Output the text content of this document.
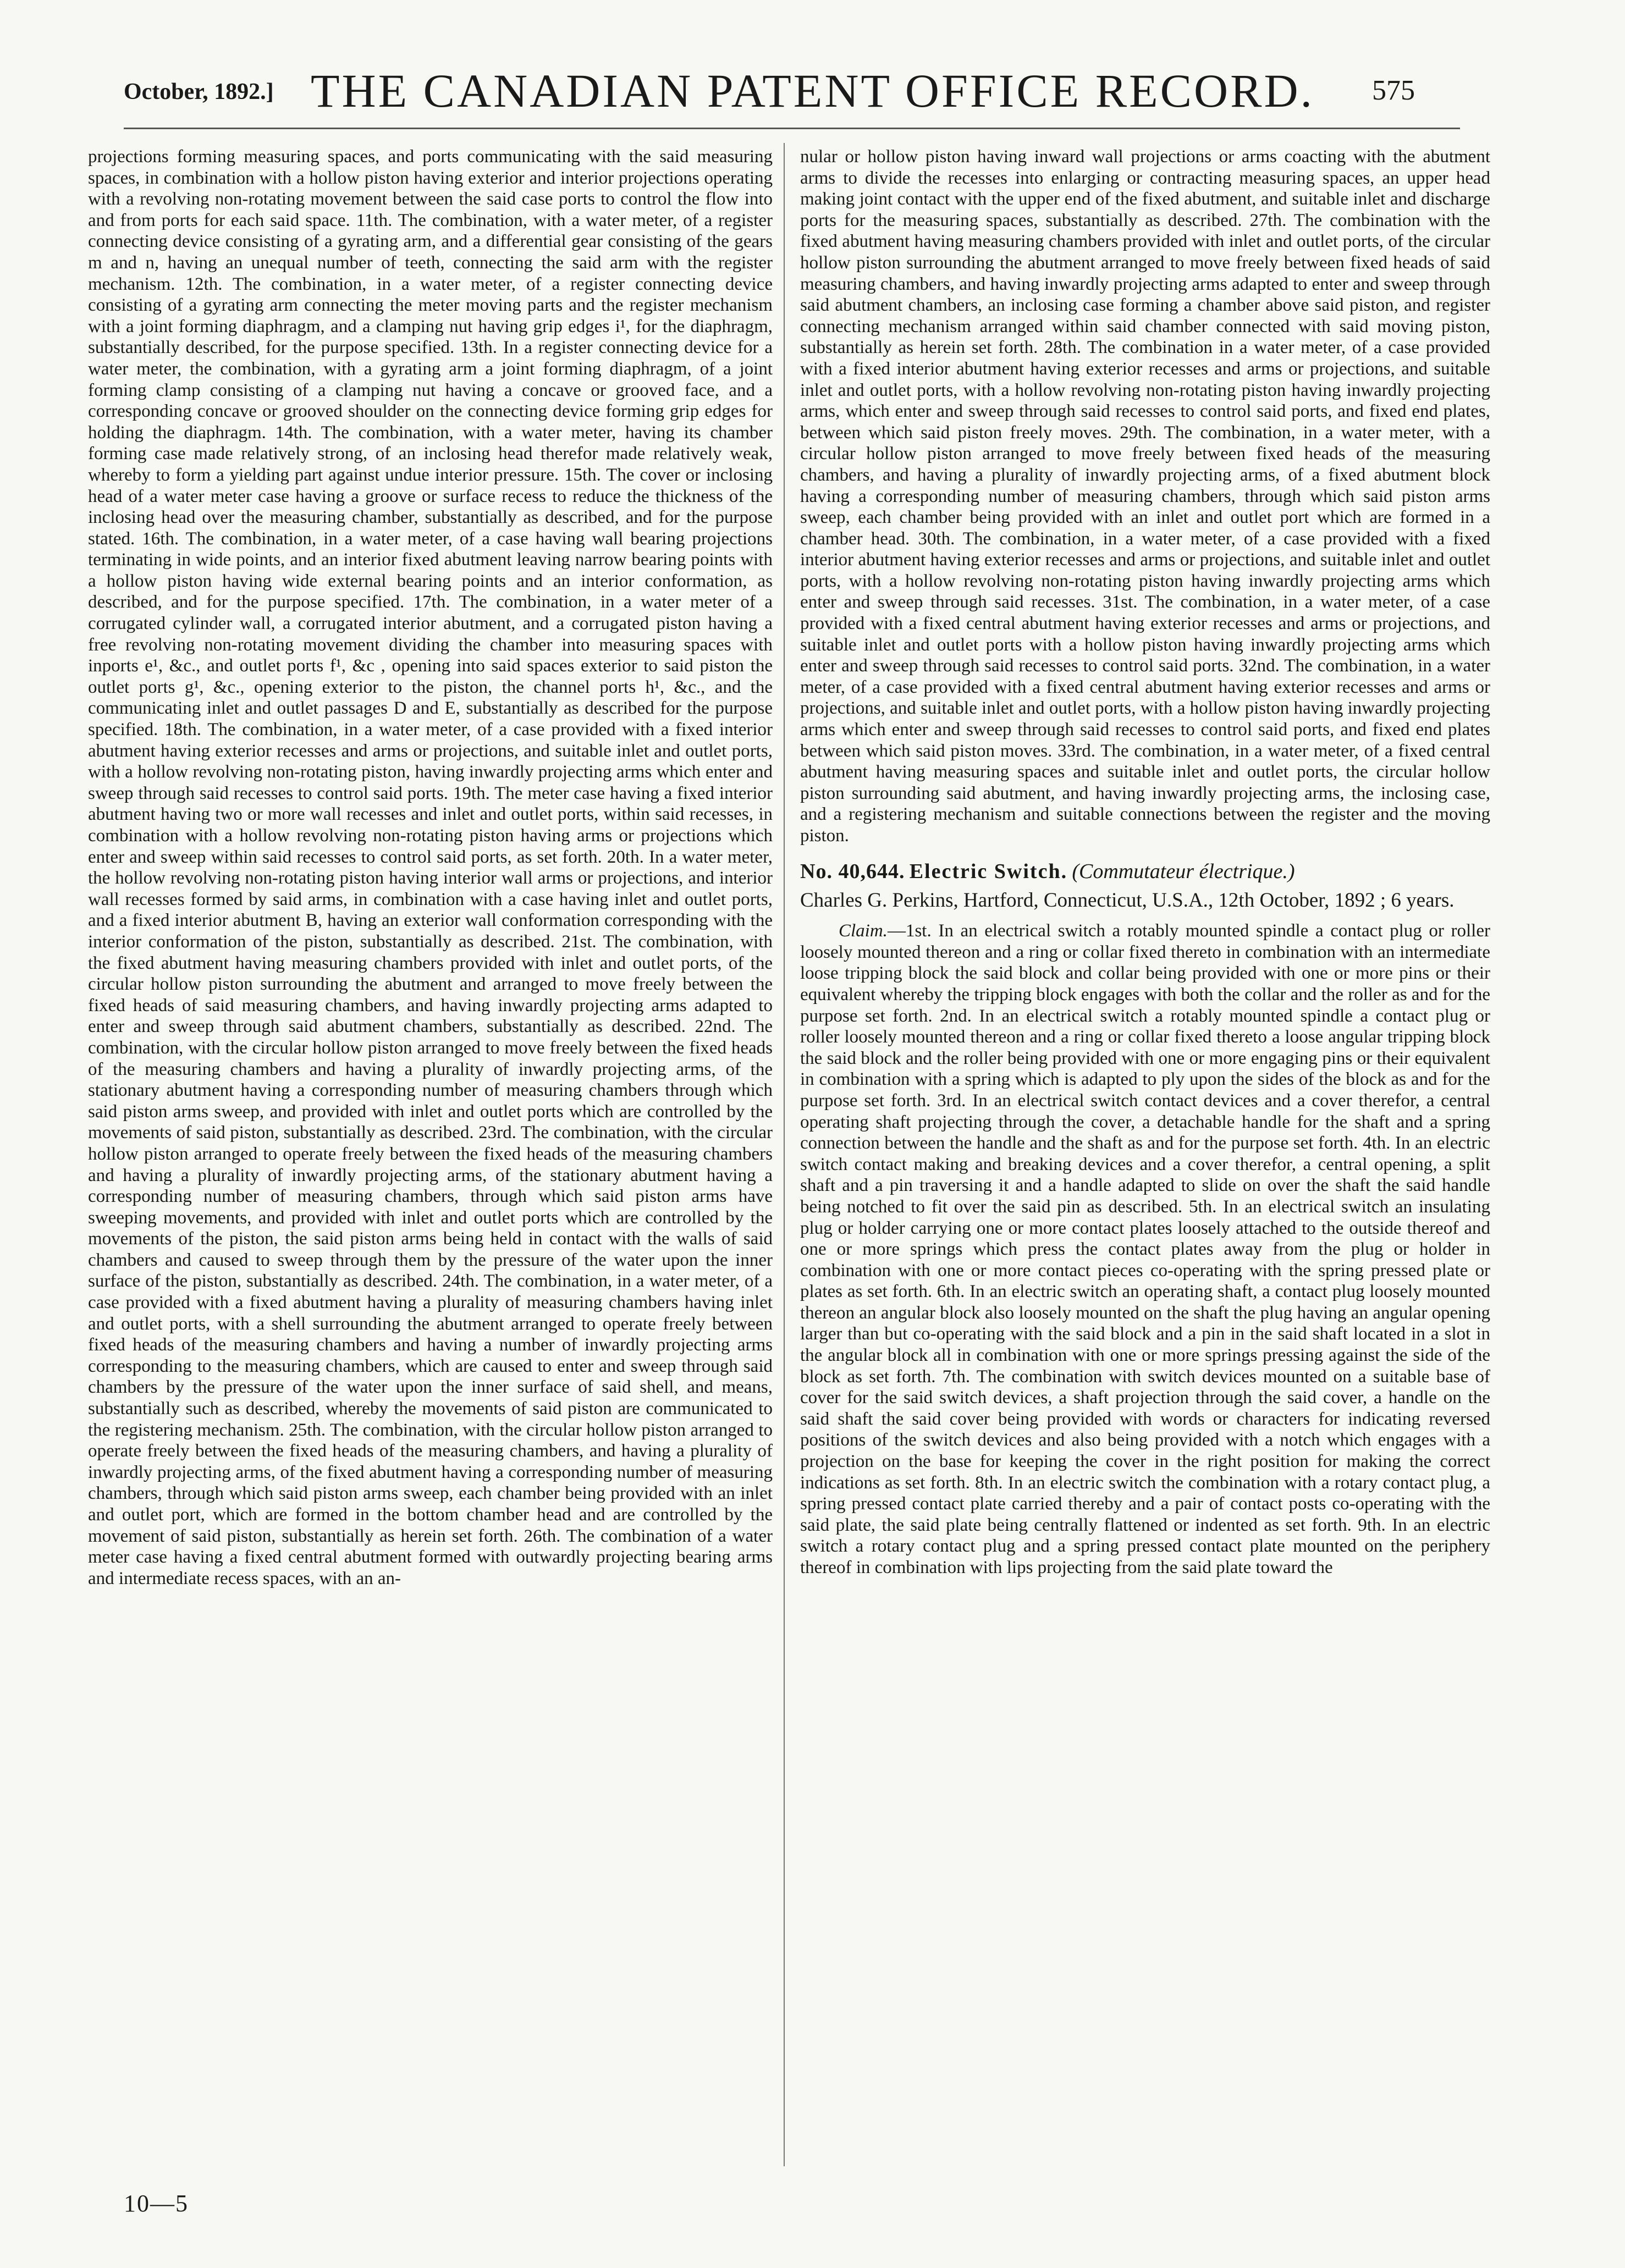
October, 1892.] THE CANADIAN PATENT OFFICE RECORD.	575

projections forming measuring spaces, and ports communicating with the said measuring spaces, in combination with a hollow piston having exterior and interior projections operating with a revolving non-rotating movement between the said case ports to control the flow into and from ports for each said space. 11th. The combination, with a water meter, of a register connecting device consisting of a gyrating arm, and a differential gear consisting of the gears m and n, having an unequal number of teeth, connecting the said arm with the register mechanism. 12th. The combination, in a water meter, of a register connecting device consisting of a gyrating arm connecting the meter moving parts and the register mechanism with a joint forming diaphragm, and a clamping nut having grip edges i¹, for the diaphragm, substantially described, for the purpose specified. 13th. In a register connecting device for a water meter, the combination, with a gyrating arm a joint forming diaphragm, of a joint forming clamp consisting of a clamping nut having a concave or grooved face, and a corresponding concave or grooved shoulder on the connecting device forming grip edges for holding the diaphragm. 14th. The combination, with a water meter, having its chamber forming case made relatively strong, of an inclosing head therefor made relatively weak, whereby to form a yielding part against undue interior pressure. 15th. The cover or inclosing head of a water meter case having a groove or surface recess to reduce the thickness of the inclosing head over the measuring chamber, substantially as described, and for the purpose stated. 16th. The combination, in a water meter, of a case having wall bearing projections terminating in wide points, and an interior fixed abutment leaving narrow bearing points with a hollow piston having wide external bearing points and an interior conformation, as described, and for the purpose specified. 17th. The combination, in a water meter of a corrugated cylinder wall, a corrugated interior abutment, and a corrugated piston having a free revolving non-rotating movement dividing the chamber into measuring spaces with inports e¹, &c., and outlet ports f¹, &c , opening into said spaces exterior to said piston the outlet ports g¹, &c., opening exterior to the piston, the channel ports h¹, &c., and the communicating inlet and outlet passages D and E, substantially as described for the purpose specified. 18th. The combination, in a water meter, of a case provided with a fixed interior abutment having exterior recesses and arms or projections, and suitable inlet and outlet ports, with a hollow revolving non-rotating piston, having inwardly projecting arms which enter and sweep through said recesses to control said ports. 19th. The meter case having a fixed interior abutment having two or more wall recesses and inlet and outlet ports, within said recesses, in combination with a hollow revolving non-rotating piston having arms or projections which enter and sweep within said recesses to control said ports, as set forth. 20th. In a water meter, the hollow revolving non-rotating piston having interior wall arms or projections, and interior wall recesses formed by said arms, in combination with a case having inlet and outlet ports, and a fixed interior abutment B, having an exterior wall conformation corresponding with the interior conformation of the piston, substantially as described. 21st. The combination, with the fixed abutment having measuring chambers provided with inlet and outlet ports, of the circular hollow piston surrounding the abutment and arranged to move freely between the fixed heads of said measuring chambers, and having inwardly projecting arms adapted to enter and sweep through said abutment chambers, substantially as described. 22nd. The combination, with the circular hollow piston arranged to move freely between the fixed heads of the measuring chambers and having a plurality of inwardly projecting arms, of the stationary abutment having a corresponding number of measuring chambers through which said piston arms sweep, and provided with inlet and outlet ports which are controlled by the movements of said piston, substantially as described. 23rd. The combination, with the circular hollow piston arranged to operate freely between the fixed heads of the measuring chambers and having a plurality of inwardly projecting arms, of the stationary abutment having a corresponding number of measuring chambers, through which said piston arms have sweeping movements, and provided with inlet and outlet ports which are controlled by the movements of the piston, the said piston arms being held in contact with the walls of said chambers and caused to sweep through them by the pressure of the water upon the inner surface of the piston, substantially as described. 24th. The combination, in a water meter, of a case provided with a fixed abutment having a plurality of measuring chambers having inlet and outlet ports, with a shell surrounding the abutment arranged to operate freely between fixed heads of the measuring chambers and having a number of inwardly projecting arms corresponding to the measuring chambers, which are caused to enter and sweep through said chambers by the pressure of the water upon the inner surface of said shell, and means, substantially such as described, whereby the movements of said piston are communicated to the registering mechanism. 25th. The combination, with the circular hollow piston arranged to operate freely between the fixed heads of the measuring chambers, and having a plurality of inwardly projecting arms, of the fixed abutment having a corresponding number of measuring chambers, through which said piston arms sweep, each chamber being provided with an inlet and outlet port, which are formed in the bottom chamber head and are controlled by the movement of said piston, substantially as herein set forth. 26th. The combination of a water meter case having a fixed central abutment formed with outwardly projecting bearing arms and intermediate recess spaces, with an an-

nular or hollow piston having inward wall projections or arms coacting with the abutment arms to divide the recesses into enlarging or contracting measuring spaces, an upper head making joint contact with the upper end of the fixed abutment, and suitable inlet and discharge ports for the measuring spaces, substantially as described. 27th. The combination with the fixed abutment having measuring chambers provided with inlet and outlet ports, of the circular hollow piston surrounding the abutment arranged to move freely between fixed heads of said measuring chambers, and having inwardly projecting arms adapted to enter and sweep through said abutment chambers, an inclosing case forming a chamber above said piston, and register connecting mechanism arranged within said chamber connected with said moving piston, substantially as herein set forth. 28th. The combination in a water meter, of a case provided with a fixed interior abutment having exterior recesses and arms or projections, and suitable inlet and outlet ports, with a hollow revolving non-rotating piston having inwardly projecting arms, which enter and sweep through said recesses to control said ports, and fixed end plates, between which said piston freely moves. 29th. The combination, in a water meter, with a circular hollow piston arranged to move freely between fixed heads of the measuring chambers, and having a plurality of inwardly projecting arms, of a fixed abutment block having a corresponding number of measuring chambers, through which said piston arms sweep, each chamber being provided with an inlet and outlet port which are formed in a chamber head. 30th. The combination, in a water meter, of a case provided with a fixed interior abutment having exterior recesses and arms or projections, and suitable inlet and outlet ports, with a hollow revolving non-rotating piston having inwardly projecting arms which enter and sweep through said recesses. 31st. The combination, in a water meter, of a case provided with a fixed central abutment having exterior recesses and arms or projections, and suitable inlet and outlet ports with a hollow piston having inwardly projecting arms which enter and sweep through said recesses to control said ports. 32nd. The combination, in a water meter, of a case provided with a fixed central abutment having exterior recesses and arms or projections, and suitable inlet and outlet ports, with a hollow piston having inwardly projecting arms which enter and sweep through said recesses to control said ports, and fixed end plates between which said piston moves. 33rd. The combination, in a water meter, of a fixed central abutment having measuring spaces and suitable inlet and outlet ports, the circular hollow piston surrounding said abutment, and having inwardly projecting arms, the inclosing case, and a registering mechanism and suitable connections between the register and the moving piston.

No. 40,644. Electric Switch. (Commutateur électrique.)

Charles G. Perkins, Hartford, Connecticut, U.S.A., 12th October, 1892 ; 6 years.

Claim.—1st. In an electrical switch a rotably mounted spindle a contact plug or roller loosely mounted thereon and a ring or collar fixed thereto in combination with an intermediate loose tripping block the said block and collar being provided with one or more pins or their equivalent whereby the tripping block engages with both the collar and the roller as and for the purpose set forth. 2nd. In an electrical switch a rotably mounted spindle a contact plug or roller loosely mounted thereon and a ring or collar fixed thereto a loose angular tripping block the said block and the roller being provided with one or more engaging pins or their equivalent in combination with a spring which is adapted to ply upon the sides of the block as and for the purpose set forth. 3rd. In an electrical switch contact devices and a cover therefor, a central operating shaft projecting through the cover, a detachable handle for the shaft and a spring connection between the handle and the shaft as and for the purpose set forth. 4th. In an electric switch contact making and breaking devices and a cover therefor, a central opening, a split shaft and a pin traversing it and a handle adapted to slide on over the shaft the said handle being notched to fit over the said pin as described. 5th. In an electrical switch an insulating plug or holder carrying one or more contact plates loosely attached to the outside thereof and one or more springs which press the contact plates away from the plug or holder in combination with one or more contact pieces co-operating with the spring pressed plate or plates as set forth. 6th. In an electric switch an operating shaft, a contact plug loosely mounted thereon an angular block also loosely mounted on the shaft the plug having an angular opening larger than but co-operating with the said block and a pin in the said shaft located in a slot in the angular block all in combination with one or more springs pressing against the side of the block as set forth. 7th. The combination with switch devices mounted on a suitable base of cover for the said switch devices, a shaft projection through the said cover, a handle on the said shaft the said cover being provided with words or characters for indicating reversed positions of the switch devices and also being provided with a notch which engages with a projection on the base for keeping the cover in the right position for making the correct indications as set forth. 8th. In an electric switch the combination with a rotary contact plug, a spring pressed contact plate carried thereby and a pair of contact posts co-operating with the said plate, the said plate being centrally flattened or indented as set forth. 9th. In an electric switch a rotary contact plug and a spring pressed contact plate mounted on the periphery thereof in combination with lips projecting from the said plate toward the

10—5
